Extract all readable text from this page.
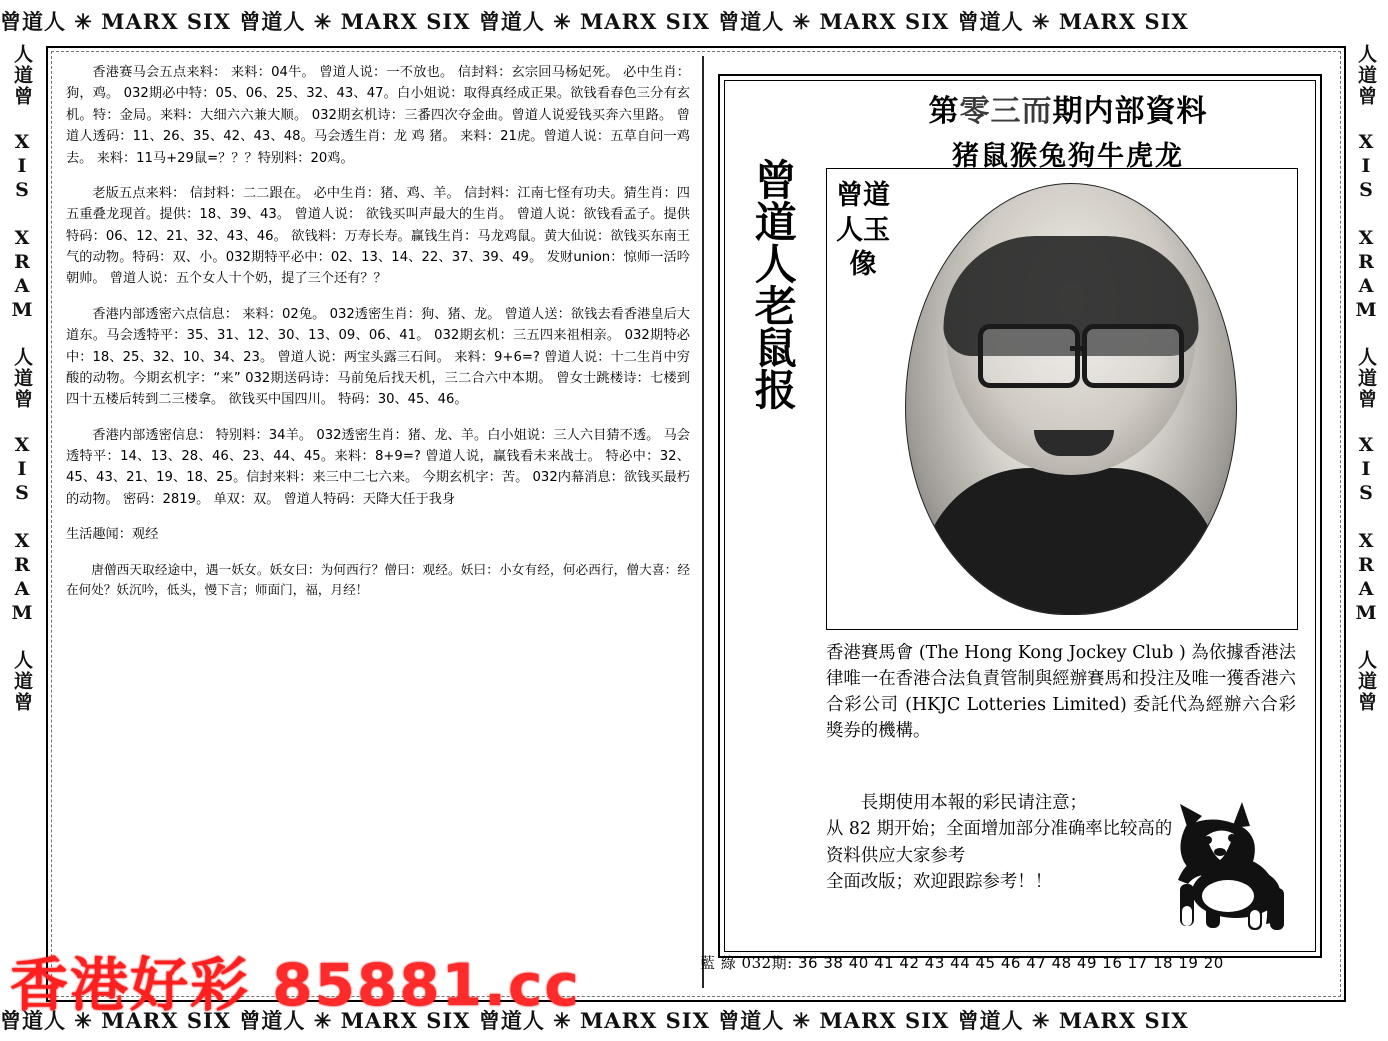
曾道人 ✳ MARX SIX 曾道人 ✳ MARX SIX 曾道人 ✳ MARX SIX 曾道人 ✳ MARX SIX 曾道人 ✳ MARX SIX
曾道人 ✳ MARX SIX 曾道人 ✳ MARX SIX 曾道人 ✳ MARX SIX 曾道人 ✳ MARX SIX 曾道人 ✳ MARX SIX
人道曾 XIS XRAM 人道曾 XIS XRAM 人道曾	人道曾 XIS XRAM 人道曾 XIS XRAM 人道曾

香港赛马会五点来料： 来料：04牛。 曾道人说：一不放也。 信封料：玄宗回马杨妃死。 必中生肖：狗，鸡。 032期必中特：05、06、25、32、43、47。白小姐说：取得真经成正果。欲钱看春色三分有玄机。特：金局。来料：大细六六兼大顺。 032期玄机诗：三番四次夺金曲。曾道人说爱钱买奔六里路。 曾道人透码：11、26、35、42、43、48。马会透生肖：龙 鸡 猪。 来料：21虎。曾道人说：五草自问一鸡去。 来料：11马+29鼠=？？？特别料：20鸡。

老版五点来料： 信封料：二二跟在。 必中生肖：猪、鸡、羊。 信封料：江南七怪有功夫。猜生肖：四五重叠龙现首。提供：18、39、43。 曾道人说： 欲钱买叫声最大的生肖。 曾道人说：欲钱看孟子。提供特码：06、12、21、32、43、46。 欲钱料：万寿长寿。赢钱生肖：马龙鸡鼠。黄大仙说：欲钱买东南王气的动物。特码：双、小。032期特平必中：02、13、14、22、37、39、49。 发财union：惊师一活吟朝帅。 曾道人说：五个女人十个奶，提了三个还有？？

香港内部透密六点信息： 来料：02兔。 032透密生肖：狗、猪、龙。 曾道人送：欲钱去看香港皇后大道东。马会透特平：35、31、12、30、13、09、06、41。 032期玄机：三五四来祖相亲。 032期特必中：18、25、32、10、34、23。 曾道人说：两宝头露三石间。 来料：9+6=? 曾道人说：十二生肖中穷酸的动物。今期玄机字：“来” 032期送码诗：马前兔后找天机，三二合六中本期。 曾女士跳楼诗：七楼到四十五楼后转到二三楼拿。 欲钱买中国四川。 特码：30、45、46。

香港内部透密信息： 特别料：34羊。 032透密生肖：猪、龙、羊。白小姐说：三人六目猜不透。 马会透特平：14、13、28、46、23、44、45。来料：8+9=? 曾道人说，赢钱看未来战士。 特必中：32、45、43、21、19、18、25。信封来料：来三中二七六来。 今期玄机字：苦。 032内幕消息：欲钱买最朽的动物。 密码：2819。 单双：双。 曾道人特码：天降大任于我身

生活趣闻：观经

唐僧西天取经途中，遇一妖女。妖女曰：为何西行？僧曰：观经。妖曰：小女有经，何必西行，僧大喜：经在何处？妖沉吟，低头，慢下言；师面门，福，月经！

第零三而期内部資料
猪鼠猴兔狗牛虎龙
曾道人老鼠报 曾道人玉像
香港賽馬會 (The Hong Kong Jockey Club ) 為依據香港法律唯一在香港合法負責管制與經辦賽馬和投注及唯一獲香港六合彩公司 (HKJC Lotteries Limited) 委託代為經辦六合彩獎券的機構。
長期使用本報的彩民请注意；
从 82 期开始；全面增加部分准确率比较高的资料供应大家参考
全面改版；欢迎跟踪参考！！
藍 綠 032期: 36 38 40 41 42 43 44 45 46 47 48 49 16 17 18 19 20
香港好彩 85881.cc
